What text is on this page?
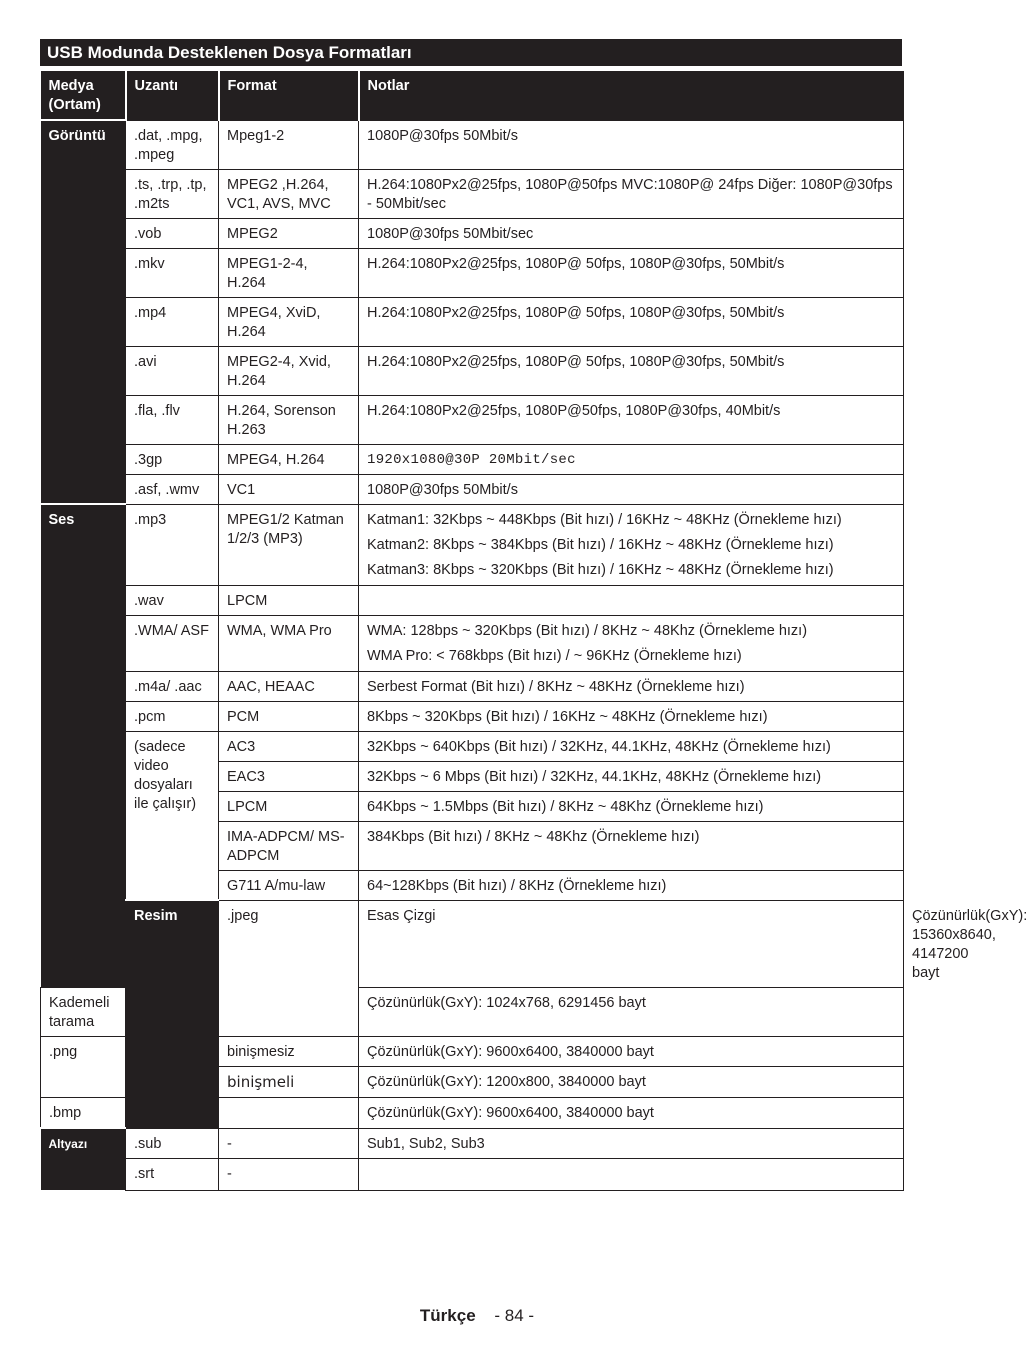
USB Modunda Desteklenen Dosya Formatları
Medya (Ortam)	Uzantı	Format	Notlar	
Görüntü	.dat, .mpg, .mpeg	Mpeg1-2	1080P@30fps 50Mbit/s	
	.ts, .trp, .tp, .m2ts	MPEG2 ,H.264, VC1, AVS, MVC	H.264:1080Px2@25fps, 1080P@50fps MVC:1080P@ 24fps Diğer: 1080P@30fps - 50Mbit/sec	
	.vob	MPEG2	1080P@30fps 50Mbit/sec	
	.mkv	MPEG1-2-4, H.264	H.264:1080Px2@25fps, 1080P@ 50fps, 1080P@30fps, 50Mbit/s	
	.mp4	MPEG4, XviD, H.264	H.264:1080Px2@25fps, 1080P@ 50fps, 1080P@30fps, 50Mbit/s	
	.avi	MPEG2-4, Xvid, H.264	H.264:1080Px2@25fps, 1080P@ 50fps, 1080P@30fps, 50Mbit/s	
	.fla, .flv	H.264, Sorenson H.263	H.264:1080Px2@25fps, 1080P@50fps, 1080P@30fps, 40Mbit/s	
	.3gp	MPEG4, H.264	1920x1080@30P 20Mbit/sec	
	.asf, .wmv	VC1	1080P@30fps 50Mbit/s	
Ses	.mp3	MPEG1/2 Katman 1/2/3 (MP3)	Katman1: 32Kbps ~ 448Kbps (Bit hızı) / 16KHz ~ 48KHz (Örnekleme hızı)
Katman2: 8Kbps ~ 384Kbps (Bit hızı) / 16KHz ~ 48KHz (Örnekleme hızı)
Katman3: 8Kbps ~ 320Kbps (Bit hızı) / 16KHz ~ 48KHz (Örnekleme hızı)	

	.wav	LPCM		
	.WMA/ ASF	WMA, WMA Pro	WMA: 128bps ~ 320Kbps (Bit hızı) / 8KHz ~ 48Khz (Örnekleme hızı)
WMA Pro: < 768kbps (Bit hızı) / ~ 96KHz (Örnekleme hızı)	

	.m4a/ .aac	AAC, HEAAC	Serbest Format (Bit hızı) / 8KHz ~ 48KHz (Örnekleme hızı)	
	.pcm	PCM	8Kbps ~ 320Kbps (Bit hızı) / 16KHz ~ 48KHz (Örnekleme hızı)	
	(sadece video dosyaları ile çalışır)	AC3	32Kbps ~ 640Kbps (Bit hızı) / 32KHz, 44.1KHz, 48KHz (Örnekleme hızı)	
		EAC3	32Kbps ~ 6 Mbps (Bit hızı) / 32KHz, 44.1KHz, 48KHz (Örnekleme hızı)	
		LPCM	64Kbps ~ 1.5Mbps (Bit hızı) / 8KHz ~ 48Khz (Örnekleme hızı)	
		IMA-ADPCM/ MS-ADPCM	384Kbps (Bit hızı) / 8KHz ~ 48Khz (Örnekleme hızı)	
		G711 A/mu-law	64~128Kbps (Bit hızı) / 8KHz (Örnekleme hızı)	
	Resim	.jpeg	Esas Çizgi	Çözünürlük(GxY): 15360x8640, 4147200 bayt
Kademeli tarama			Çözünürlük(GxY): 1024x768, 6291456 bayt	
.png		binişmesiz	Çözünürlük(GxY): 9600x6400, 3840000 bayt	
		binişmeli	Çözünürlük(GxY): 1200x800, 3840000 bayt	
.bmp			Çözünürlük(GxY): 9600x6400, 3840000 bayt	
Altyazı	.sub	-	Sub1, Sub2, Sub3	
	.srt	-		
Türkçe - 84 -
